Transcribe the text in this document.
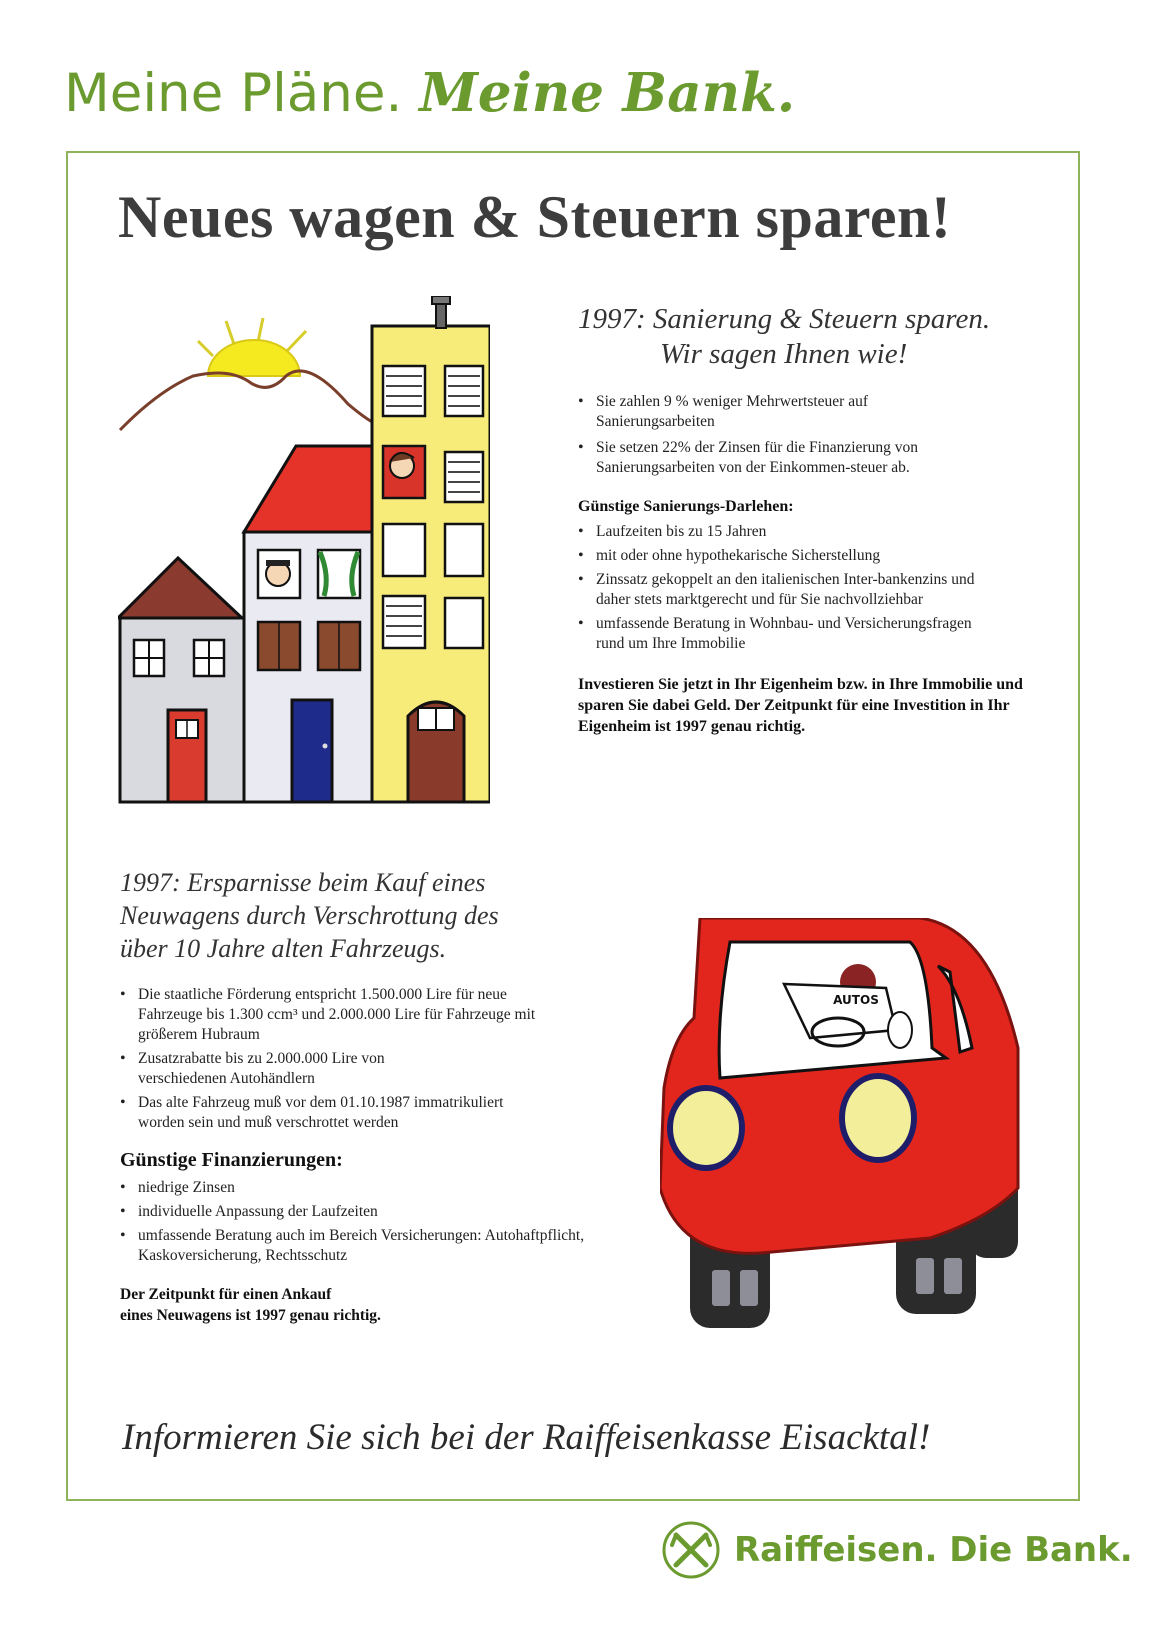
Meine Pläne. Meine Bank.
Neues wagen & Steuern sparen!

1997: Sanierung & Steuern sparen.

Wir sagen Ihnen wie!

• Sie zahlen 9 % weniger Mehrwertsteuer auf Sanierungsarbeiten
• Sie setzen 22% der Zinsen für die Finanzierung von Sanierungsarbeiten von der Einkommen-steuer ab.

Günstige Sanierungs-Darlehen:

• Laufzeiten bis zu 15 Jahren
• mit oder ohne hypothekarische Sicherstellung
• Zinssatz gekoppelt an den italienischen Inter-bankenzins und daher stets marktgerecht und für Sie nachvollziehbar
• umfassende Beratung in Wohnbau- und Versicherungsfragen rund um Ihre Immobilie

Investieren Sie jetzt in Ihr Eigenheim bzw. in Ihre Immobilie und sparen Sie dabei Geld. Der Zeitpunkt für eine Investition in Ihr Eigenheim ist 1997 genau richtig.

1997: Ersparnisse beim Kauf eines

Neuwagens durch Verschrottung des

über 10 Jahre alten Fahrzeugs.

• Die staatliche Förderung entspricht 1.500.000 Lire für neue Fahrzeuge bis 1.300 ccm³ und 2.000.000 Lire für Fahrzeuge mit größerem Hubraum
• Zusatzrabatte bis zu 2.000.000 Lire von verschiedenen Autohändlern
• Das alte Fahrzeug muß vor dem 01.10.1987 immatrikuliert worden sein und muß verschrottet werden

Günstige Finanzierungen:

• niedrige Zinsen
• individuelle Anpassung der Laufzeiten
• umfassende Beratung auch im Bereich Versicherungen: Autohaftpflicht, Kaskoversicherung, Rechtsschutz

Der Zeitpunkt für einen Ankauf

eines Neuwagens ist 1997 genau richtig.

AUTOS

Informieren Sie sich bei der Raiffeisenkasse Eisacktal!

Raiffeisen. Die Bank.
